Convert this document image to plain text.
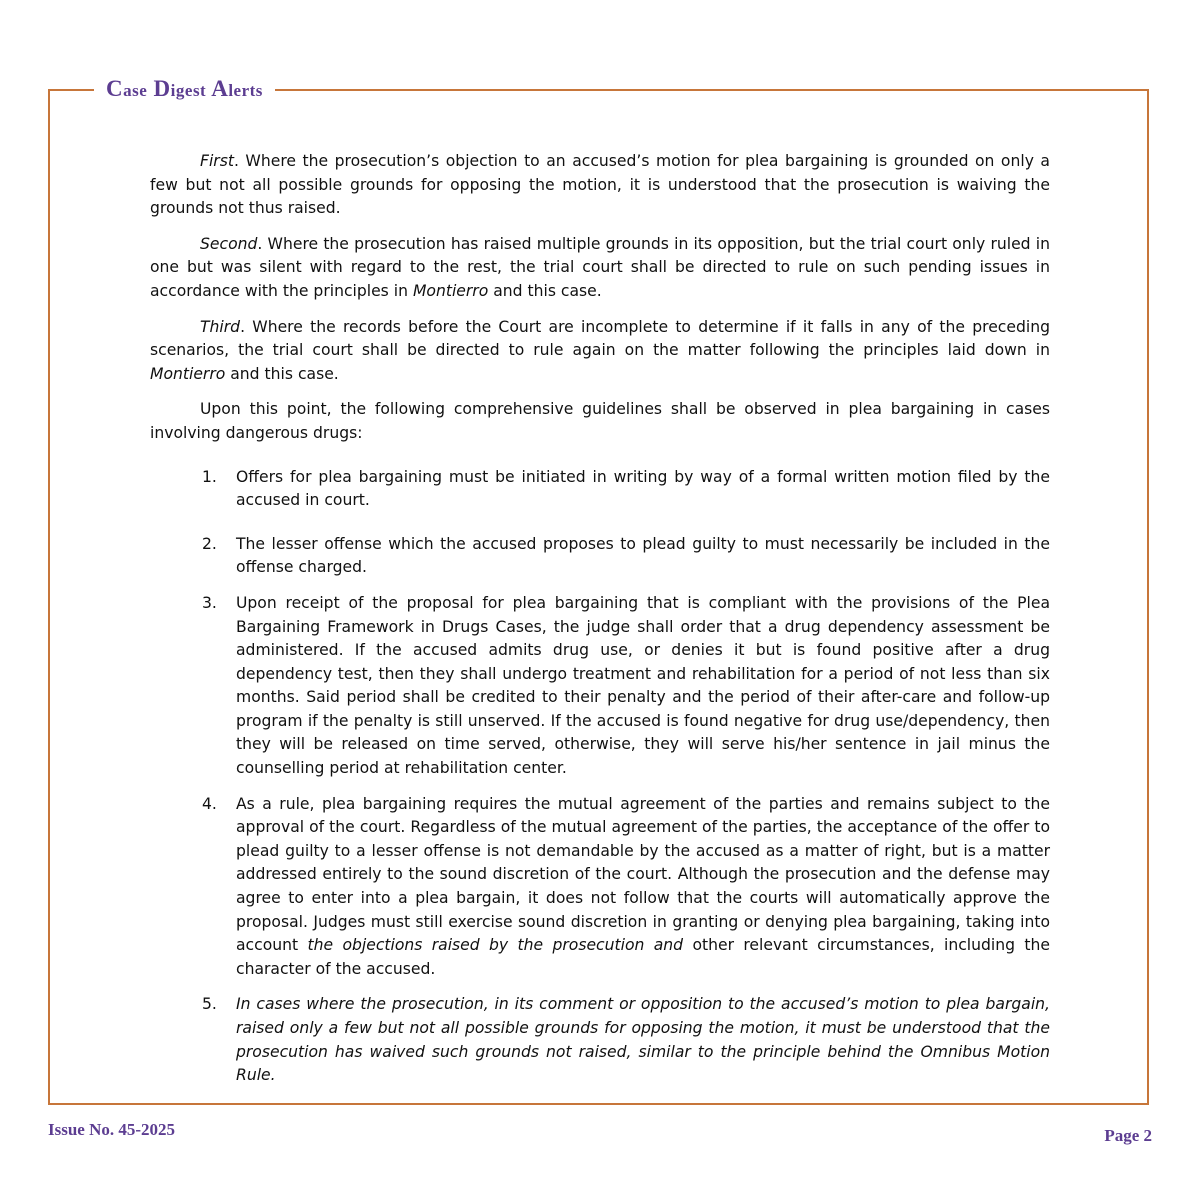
Case Digest Alerts

First. Where the prosecution’s objection to an accused’s motion for plea bargaining is grounded on only a few but not all possible grounds for opposing the motion, it is understood that the prosecution is waiving the grounds not thus raised.

Second. Where the prosecution has raised multiple grounds in its opposition, but the trial court only ruled in one but was silent with regard to the rest, the trial court shall be directed to rule on such pending issues in accordance with the principles in Montierro and this case.

Third. Where the records before the Court are incomplete to determine if it falls in any of the preceding scenarios, the trial court shall be directed to rule again on the matter following the principles laid down in Montierro and this case.

Upon this point, the following comprehensive guidelines shall be observed in plea bargaining in cases involving dangerous drugs:

1. Offers for plea bargaining must be initiated in writing by way of a formal written motion filed by the accused in court.
2. The lesser offense which the accused proposes to plead guilty to must necessarily be included in the offense charged.
3. Upon receipt of the proposal for plea bargaining that is compliant with the provisions of the Plea Bargaining Framework in Drugs Cases, the judge shall order that a drug dependency assessment be administered. If the accused admits drug use, or denies it but is found positive after a drug dependency test, then they shall undergo treatment and rehabilitation for a period of not less than six months. Said period shall be credited to their penalty and the period of their after-care and follow-up program if the penalty is still unserved. If the accused is found negative for drug use/dependency, then they will be released on time served, otherwise, they will serve his/her sentence in jail minus the counselling period at rehabilitation center.
4. As a rule, plea bargaining requires the mutual agreement of the parties and remains subject to the approval of the court. Regardless of the mutual agreement of the parties, the acceptance of the offer to plead guilty to a lesser offense is not demandable by the accused as a matter of right, but is a matter addressed entirely to the sound discretion of the court. Although the prosecution and the defense may agree to enter into a plea bargain, it does not follow that the courts will automatically approve the proposal. Judges must still exercise sound discretion in granting or denying plea bargaining, taking into account the objections raised by the prosecution and other relevant circumstances, including the character of the accused.
5. In cases where the prosecution, in its comment or opposition to the accused’s motion to plea bargain, raised only a few but not all possible grounds for opposing the motion, it must be understood that the prosecution has waived such grounds not raised, similar to the principle behind the Omnibus Motion Rule.
Issue No. 45-2025	Page 2
